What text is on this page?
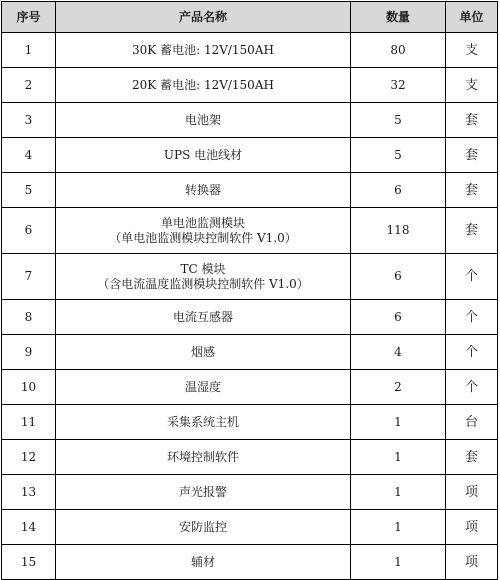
序号	产品名称	数量	单位
1	30K 蓄电池: 12V/150AH	80	支
2	20K 蓄电池: 12V/150AH	32	支
3	电池架	5	套
4	UPS 电池线材	5	套
5	转换器	6	套
6	单电池监测模块
（单电池监测模块控制软件 V1.0）	118	套
7	TC 模块
（含电流温度监测模块控制软件 V1.0）	6	个
8	电流互感器	6	个
9	烟感	4	个
10	温湿度	2	个
11	采集系统主机	1	台
12	环境控制软件	1	套
13	声光报警	1	项
14	安防监控	1	项
15	辅材	1	项
